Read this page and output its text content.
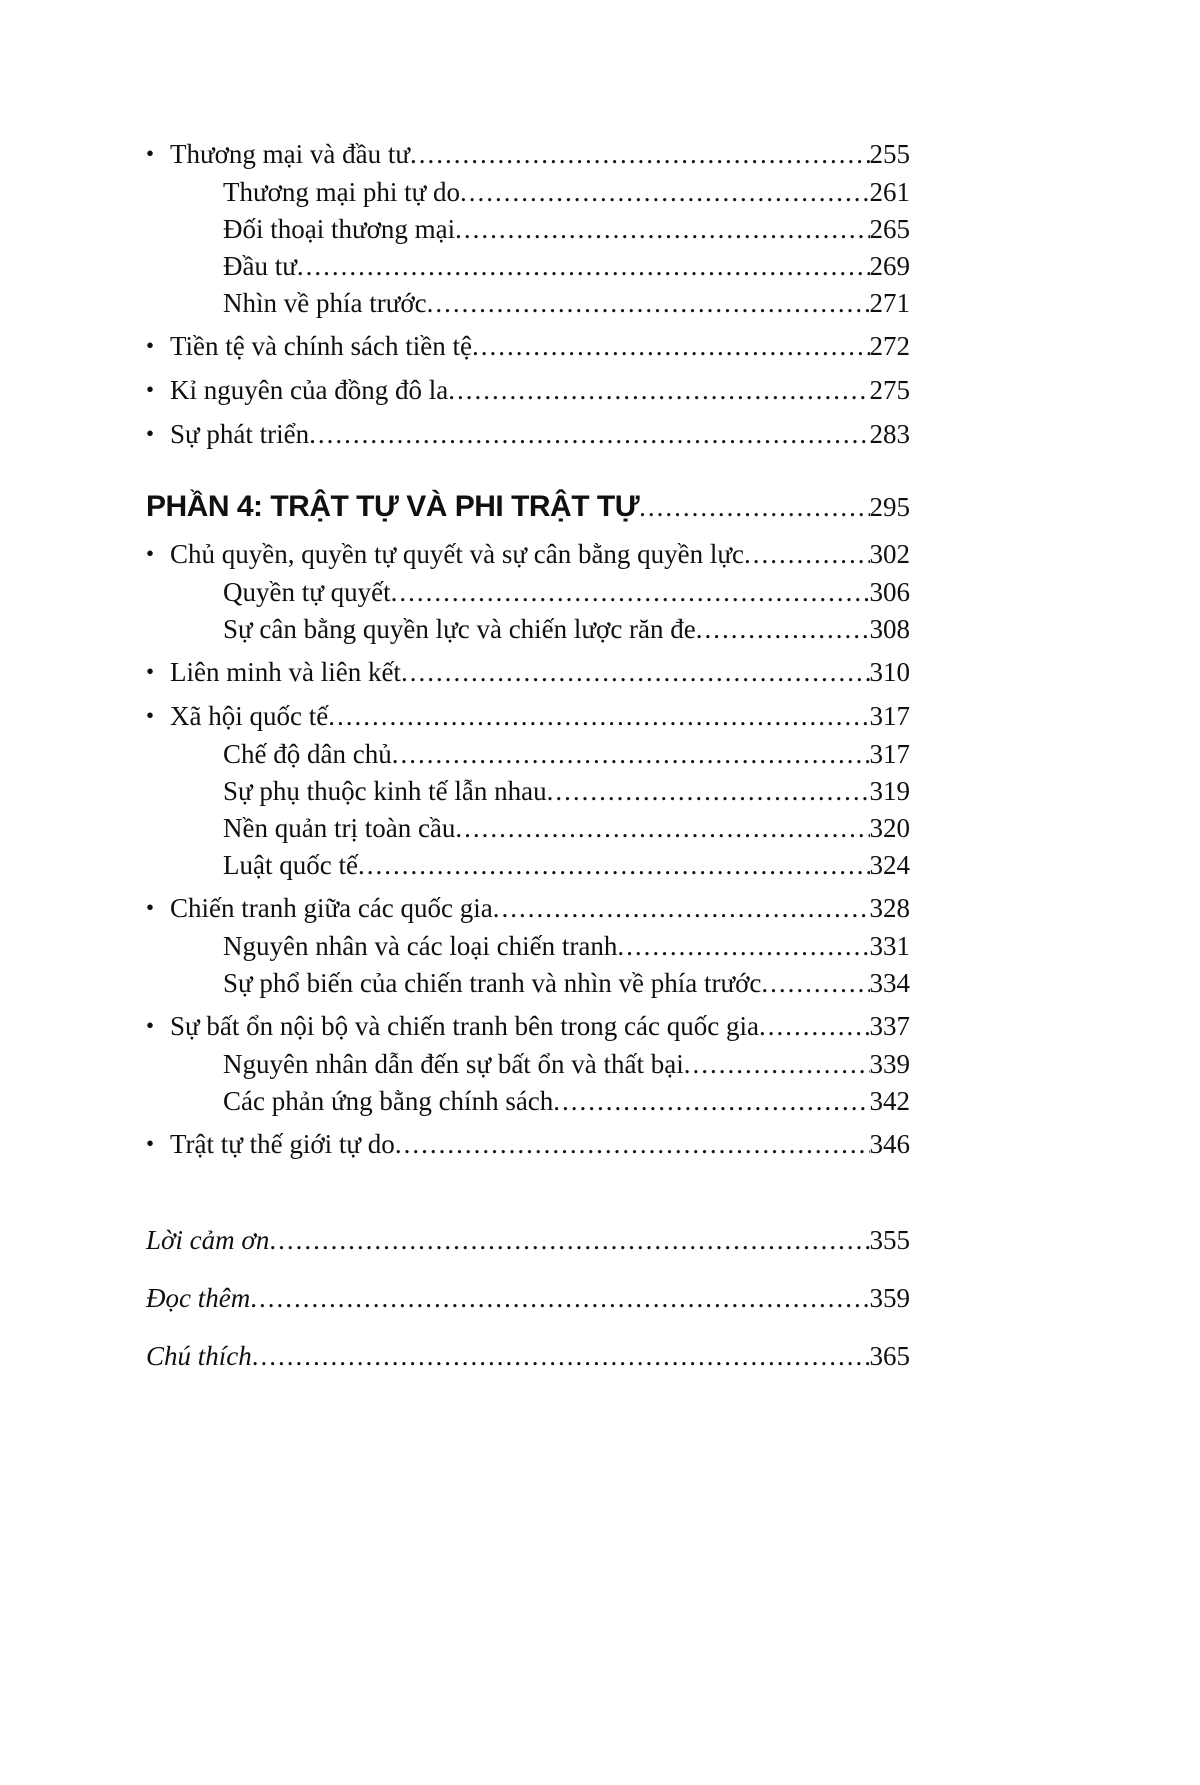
• Thương mại và đầu tư .....	255
Thương mại phi tự do .....	261
Đối thoại thương mại .....	265
Đầu tư .....	269
Nhìn về phía trước .....	271
• Tiền tệ và chính sách tiền tệ .....	272
• Kỉ nguyên của đồng đô la .....	275
• Sự phát triển .....	283
PHẦN 4: TRẬT TỰ VÀ PHI TRẬT TỰ .....	295
• Chủ quyền, quyền tự quyết và sự cân bằng quyền lực .....	302
Quyền tự quyết .....	306
Sự cân bằng quyền lực và chiến lược răn đe .....	308
• Liên minh và liên kết .....	310
• Xã hội quốc tế .....	317
Chế độ dân chủ .....	317
Sự phụ thuộc kinh tế lẫn nhau .....	319
Nền quản trị toàn cầu .....	320
Luật quốc tế .....	324
• Chiến tranh giữa các quốc gia .....	328
Nguyên nhân và các loại chiến tranh .....	331
Sự phổ biến của chiến tranh và nhìn về phía trước .....	334
• Sự bất ổn nội bộ và chiến tranh bên trong các quốc gia .....	337
Nguyên nhân dẫn đến sự bất ổn và thất bại .....	339
Các phản ứng bằng chính sách .....	342
• Trật tự thế giới tự do .....	346
Lời cảm ơn .....	355
Đọc thêm .....	359
Chú thích .....	365
